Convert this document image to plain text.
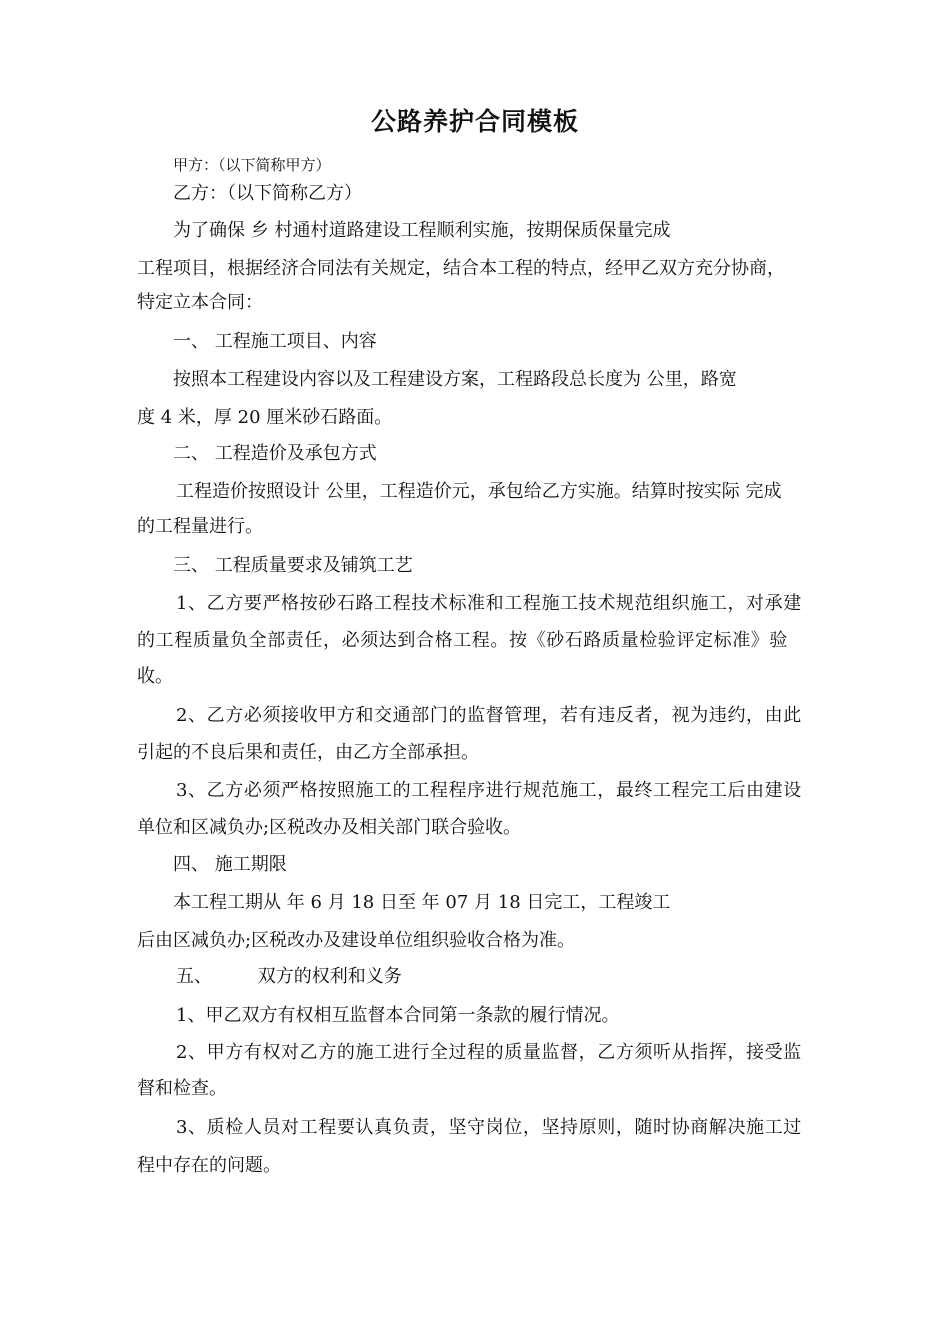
公路养护合同模板
甲方：（以下简称甲方）
乙方：（以下简称乙方）
为了确保 乡 村通村道路建设工程顺利实施，按期保质保量完成
工程项目，根据经济合同法有关规定，结合本工程的特点，经甲乙双方充分协商，
特定立本合同：
一、 工程施工项目、内容
按照本工程建设内容以及工程建设方案，工程路段总长度为 公里，路宽
度 4 米，厚 20 厘米砂石路面。
二、 工程造价及承包方式
工程造价按照设计 公里，工程造价元，承包给乙方实施。结算时按实际 完成
的工程量进行。
三、 工程质量要求及铺筑工艺
1、乙方要严格按砂石路工程技术标准和工程施工技术规范组织施工，对承建
的工程质量负全部责任，必须达到合格工程。按《砂石路质量检验评定标准》验
收。
2、乙方必须接收甲方和交通部门的监督管理，若有违反者，视为违约，由此
引起的不良后果和责任，由乙方全部承担。
3、乙方必须严格按照施工的工程程序进行规范施工，最终工程完工后由建设
单位和区减负办;区税改办及相关部门联合验收。
四、 施工期限
本工程工期从 年 6 月 18 日至 年 07 月 18 日完工，工程竣工
后由区减负办;区税改办及建设单位组织验收合格为准。
五、        双方的权利和义务
1、甲乙双方有权相互监督本合同第一条款的履行情况。
2、甲方有权对乙方的施工进行全过程的质量监督，乙方须听从指挥，接受监
督和检查。
3、质检人员对工程要认真负责，坚守岗位，坚持原则，随时协商解决施工过
程中存在的问题。
